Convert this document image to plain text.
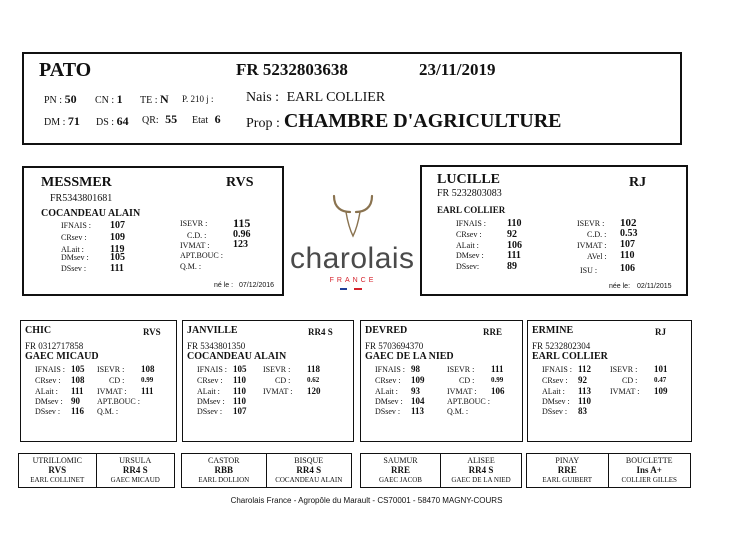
PATO	FR 5232803638	23/11/2019
PN : 50 CN : 1 TE : N P. 210 j : Nais : EARL COLLIER
DM : 71 DS : 64 QR: 55 Etat 6 Prop : CHAMBRE D'AGRICULTURE
MESSMER	RVS
FR5343801681
COCANDEAU ALAIN
IFNAIS : 107
CRsev : 109
ALait :	119
DMsev : 105
DSsev : 111
ISEVR : 115
C.D. :	0.96
IVMAT : 123
APT.BOUC :
Q.M. :
né le : 07/12/2016
charolais
FRANCE
LUCILLE	RJ
FR 5232803083
EARL COLLIER
IFNAIS : 110
CRsev :	92
ALait :	106
DMsev : 111
DSsev:	89
ISEVR : 102
C.D. : 0.53
IVMAT : 107
AVel : 110
ISU : 106
née le: 02/11/2015
CHIC	RVS
FR 0312717858
GAEC MICAUD
IFNAIS : 105
CRsev : 108
ALait : 111
DMsev : 90
DSsev : 116
ISEVR : 108
CD : 0.99
IVMAT : 111
APT.BOUC :
Q.M. :
JANVILLE	RR4 S
FR 5343801350
COCANDEAU ALAIN
IFNAIS : 105
CRsev : 110
ALait : 110
DMsev : 110
DSsev : 107
ISEVR : 118
CD : 0.62
IVMAT : 120
DEVRED	RRE
FR 5703694370
GAEC DE LA NIED
IFNAIS : 98
CRsev : 109
ALait : 93
DMsev : 104
DSsev : 113
ISEVR : 111
CD : 0.99
IVMAT : 106
APT.BOUC :
Q.M. :
ERMINE	RJ
FR 5232802304
EARL COLLIER
IFNAIS : 112
CRsev : 92
ALait : 113
DMsev : 110
DSsev : 83
ISEVR : 101
CD : 0.47
IVMAT : 109
UTRILLOMIC
RVS
EARL COLLINET
URSULA
RR4 S
GAEC MICAUD
CASTOR
RBB
EARL DOLLION
BISQUE
RR4 S
COCANDEAU ALAIN
SAUMUR
RRE
GAEC JACOB
ALISEE
RR4 S
GAEC DE LA NIED
PINAY
RRE
EARL GUIBERT
BOUCLETTE
Ins A+
COLLIER GILLES
Charolais France - Agropôle du Marault - CS70001 - 58470 MAGNY-COURS
